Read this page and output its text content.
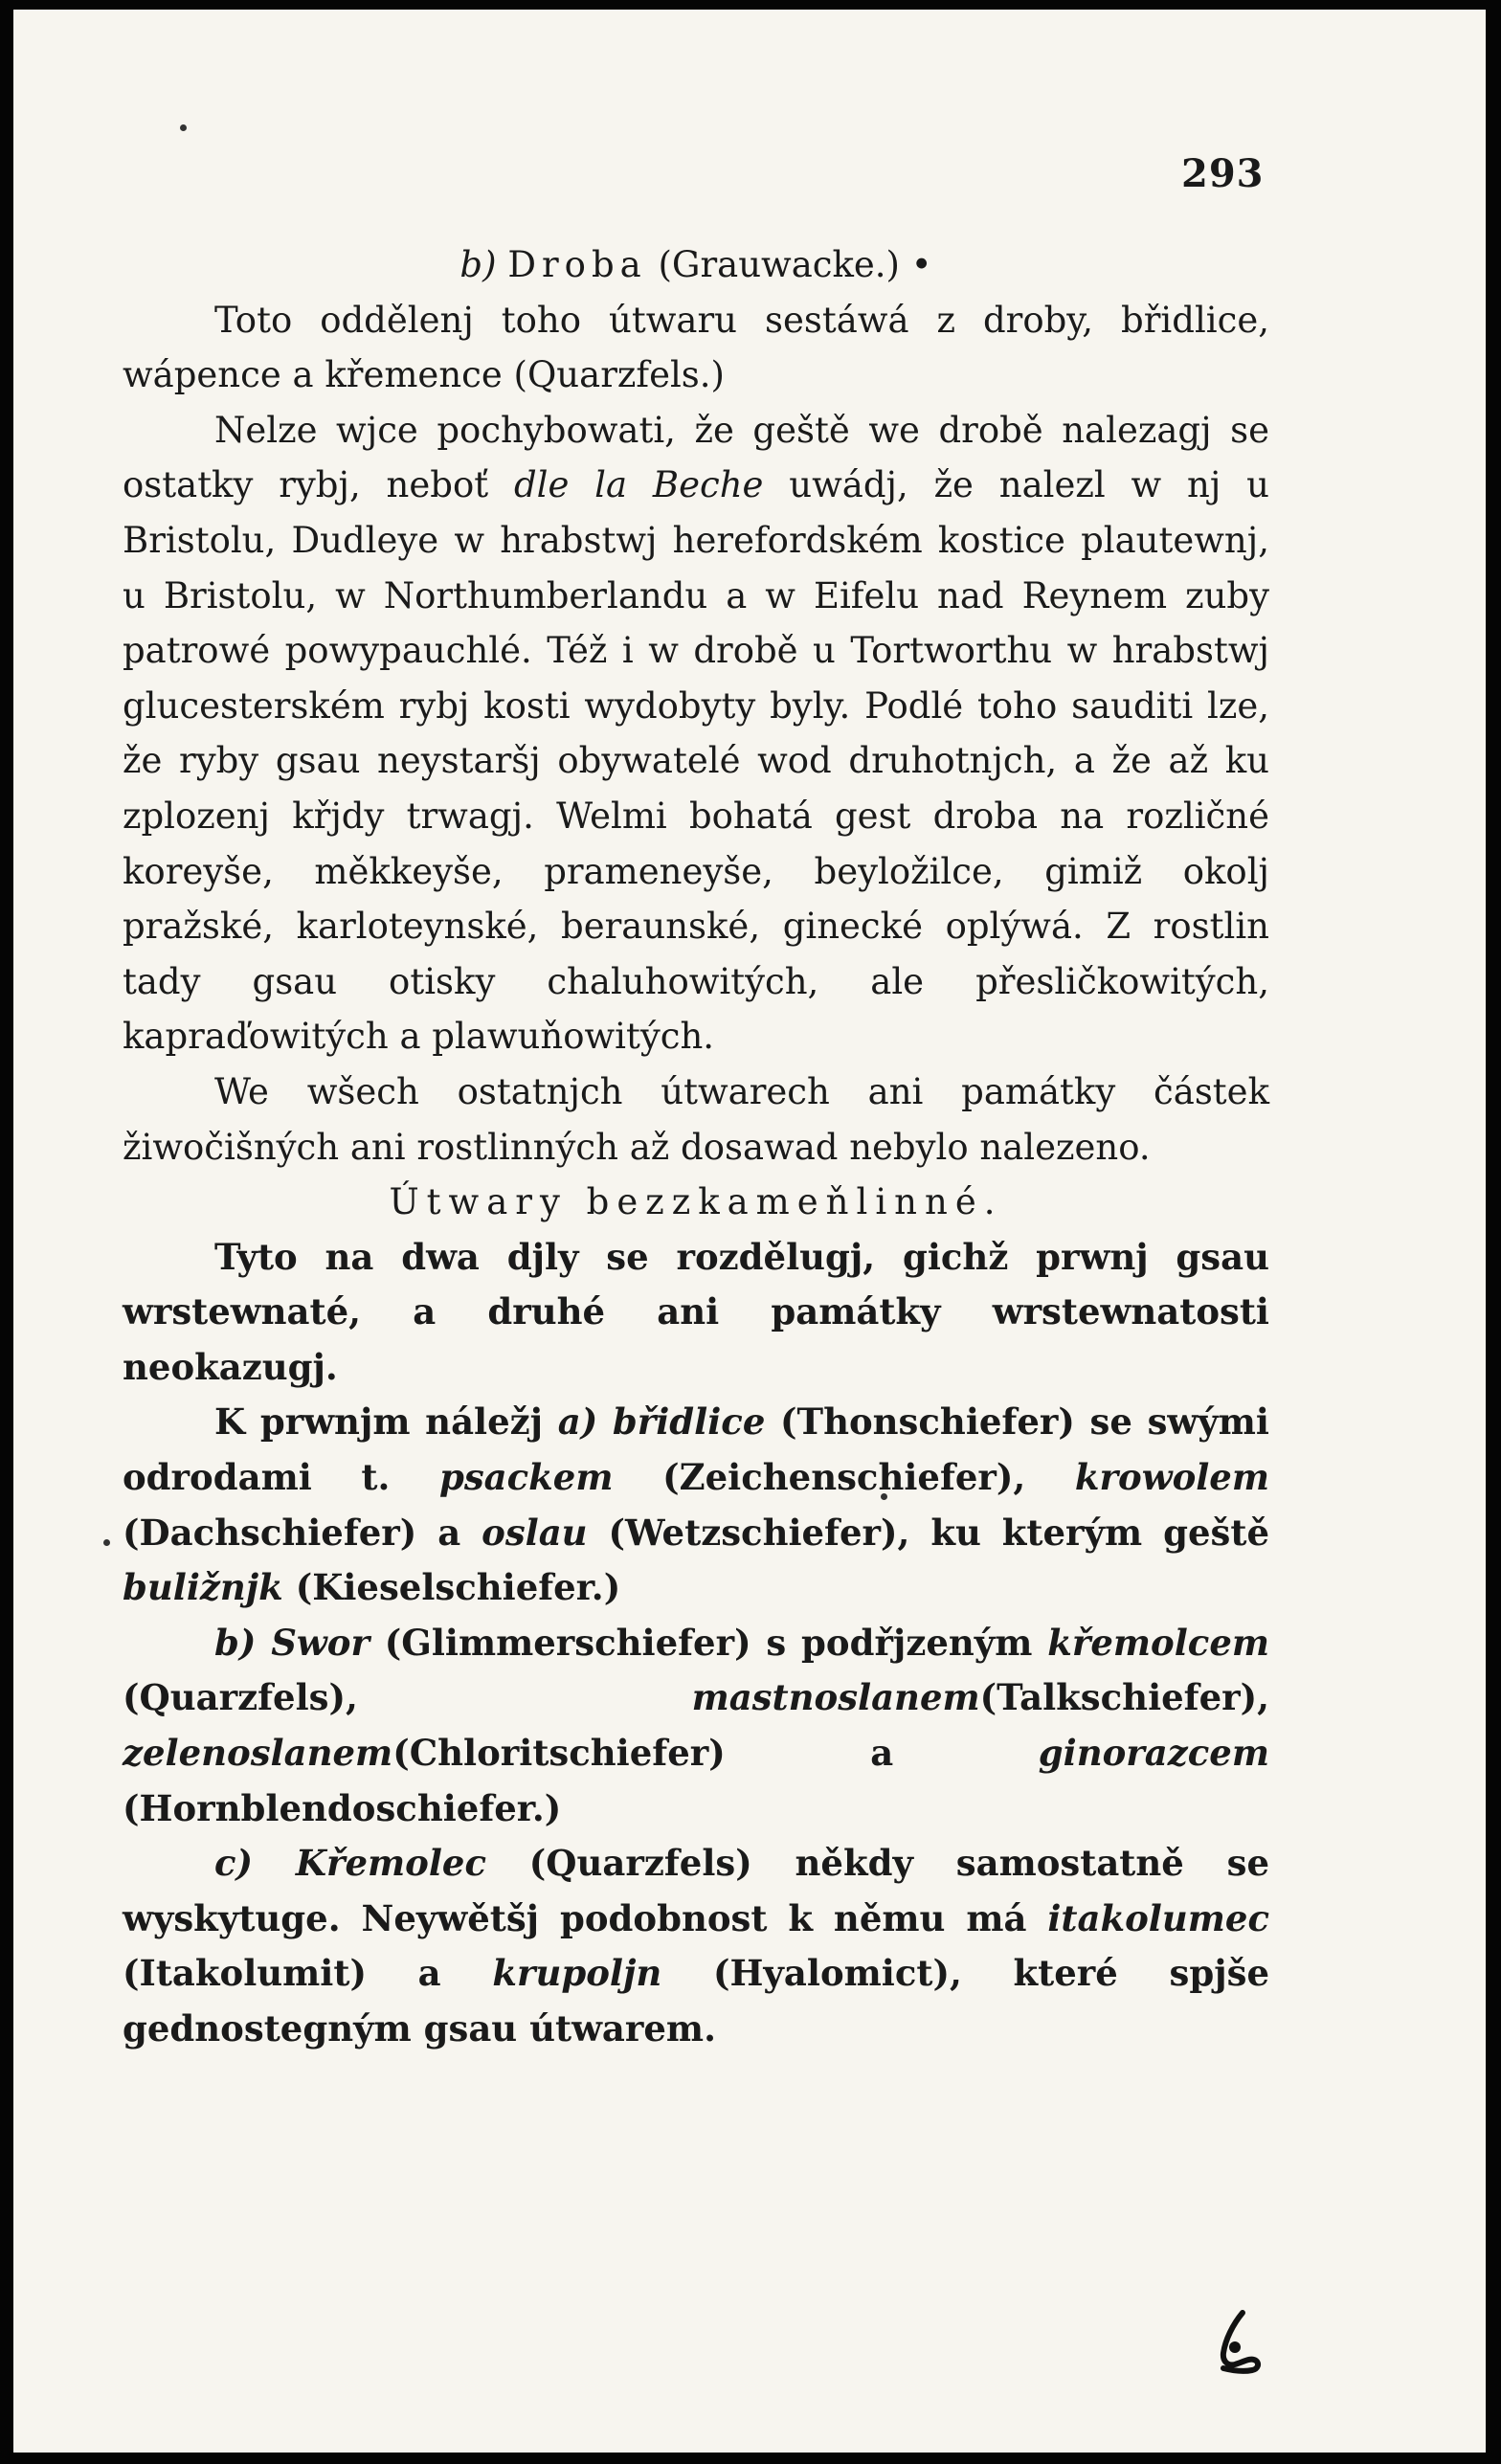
293

b) Droba (Grauwacke.) •

Toto oddělenj toho útwaru sestáwá z droby, břidlice, wápence a křemence (Quarzfels.)

Nelze wjce pochybowati, že geště we drobě nalezagj se ostatky rybj, neboť dle la Beche uwádj, že nalezl w nj u Bristolu, Dudleye w hrabstwj herefordském kostice plautewnj, u Bristolu, w Northumberlandu a w Eifelu nad Reynem zuby patrowé powypauchlé. Též i w drobě u Tortworthu w hrabstwj glucesterském rybj kosti wydobyty byly. Podlé toho sauditi lze, že ryby gsau neystaršj obywatelé wod druhotnjch, a že až ku zplozenj křjdy trwagj. Welmi bohatá gest droba na rozličné koreyše, měkkeyše, prameneyše, beyložilce, gimiž okolj pražské, karloteynské, beraunské, ginecké oplýwá. Z rostlin tady gsau otisky chaluhowitých, ale přesličkowitých, kapraďowitých a plawuňowitých.

We wšech ostatnjch útwarech ani památky částek žiwočišných ani rostlinných až dosawad nebylo nalezeno.

Útwary bezzkameňlinné.

Tyto na dwa djly se rozdělugj, gichž prwnj gsau wrstewnaté, a druhé ani památky wrstewnatosti neokazugj.

K prwnjm náležj a) břidlice (Thonschiefer) se swými odrodami t. psackem (Zeichenschiefer), krowolem (Dachschiefer) a oslau (Wetzschiefer), ku kterým geště buližnjk (Kieselschiefer.)

b) Swor (Glimmerschiefer) s podřjzeným křemolcem (Quarzfels), mastnoslanem(Talkschiefer), zelenoslanem(Chloritschiefer) a ginorazcem (Hornblendoschiefer.)

c) Křemolec (Quarzfels) někdy samostatně se wyskytuge. Neywětšj podobnost k němu má itakolumec (Itakolumit) a krupoljn (Hyalomict), které spjše gednostegným gsau útwarem.
